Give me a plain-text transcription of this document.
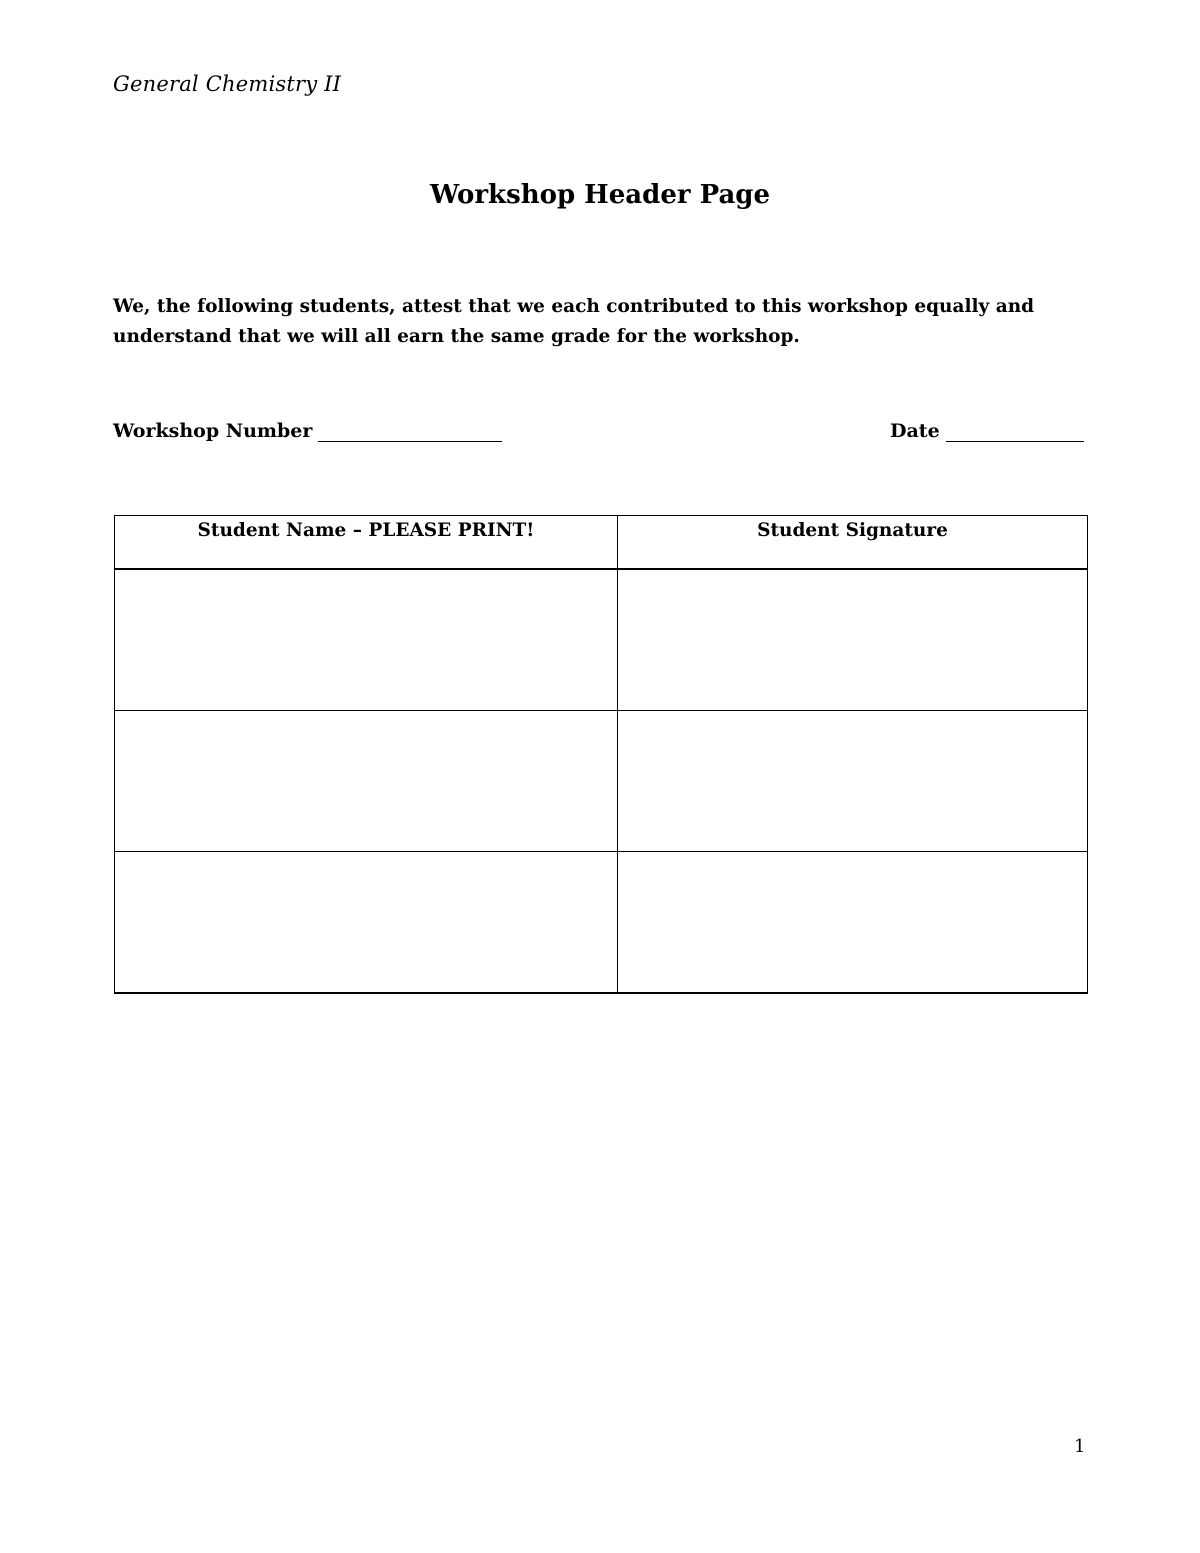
General Chemistry II
Workshop Header Page
We, the following students, attest that we each contributed to this workshop equally and understand that we will all earn the same grade for the workshop.
Workshop Number	Date
Student Name – PLEASE PRINT!	Student Signature

1
